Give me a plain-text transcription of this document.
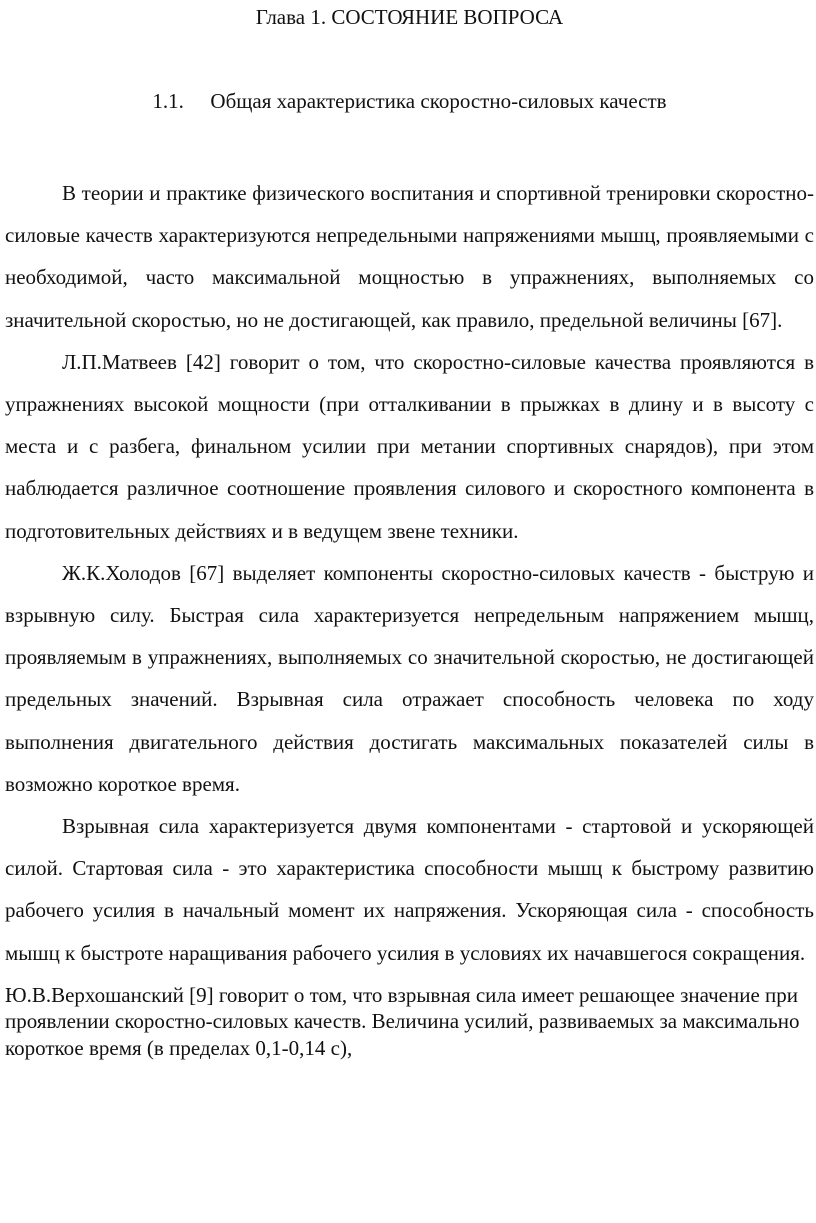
Глава 1. СОСТОЯНИЕ ВОПРОСА
1.1. Общая характеристика скоростно-силовых качеств

В теории и практике физического воспитания и спортивной тренировки скоростно-силовые качеств характеризуются непредельными напряжениями мышц, проявляемыми с необходимой, часто максимальной мощностью в упражнениях, выполняемых со значительной скоростью, но не достигающей, как правило, предельной величины [67].

Л.П.Матвеев [42] говорит о том, что скоростно-силовые качества проявляются в упражнениях высокой мощности (при отталкивании в прыжках в длину и в высоту с места и с разбега, финальном усилии при метании спортивных снарядов), при этом наблюдается различное соотношение проявления силового и скоростного компонента в подготовительных действиях и в ведущем звене техники.

Ж.К.Холодов [67] выделяет компоненты скоростно-силовых качеств - быструю и взрывную силу. Быстрая сила характеризуется непредельным напряжением мышц, проявляемым в упражнениях, выполняемых со значительной скоростью, не достигающей предельных значений. Взрывная сила отражает способность человека по ходу выполнения двигательного действия достигать максимальных показателей силы в возможно короткое время.

Взрывная сила характеризуется двумя компонентами - стартовой и ускоряющей силой. Стартовая сила - это характеристика способности мышц к быстрому развитию рабочего усилия в начальный момент их напряжения. Ускоряющая сила - способность мышц к быстроте наращивания рабочего усилия в условиях их начавшегося сокращения.

Ю.В.Верхошанский [9] говорит о том, что взрывная сила имеет решающее значение при проявлении скоростно-силовых качеств. Величина усилий, развиваемых за максимально короткое время (в пределах 0,1-0,14 с),
